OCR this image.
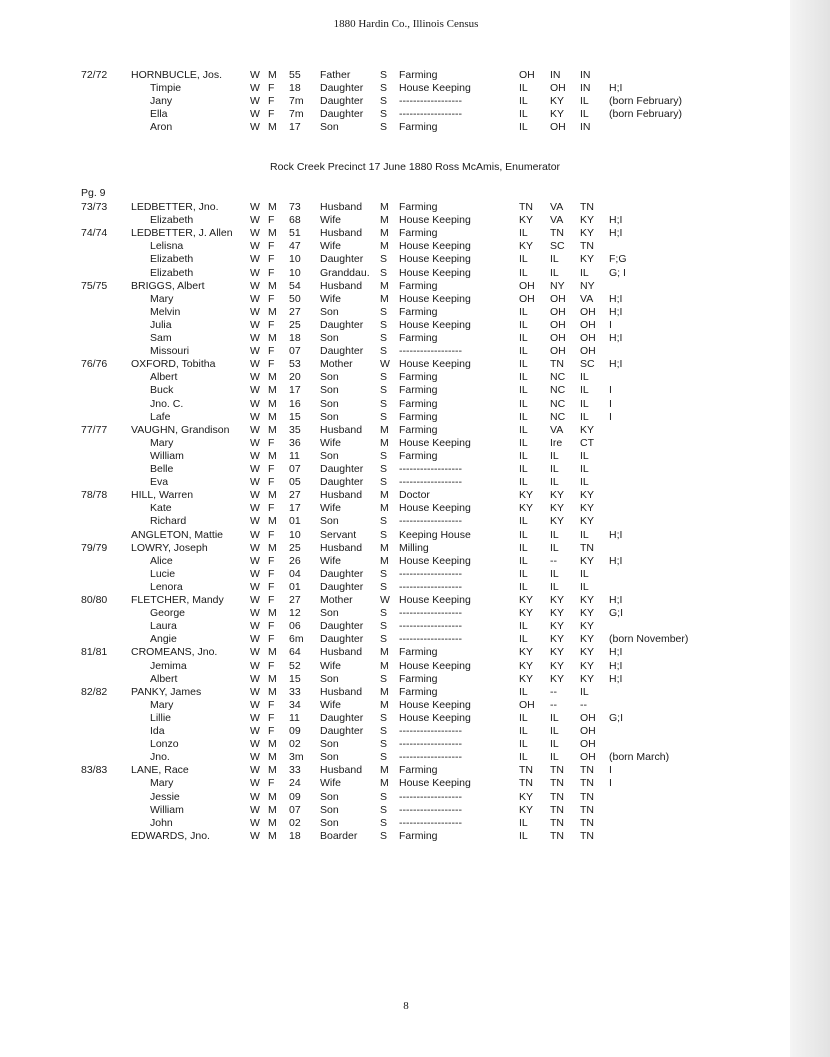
1880 Hardin Co., Illinois Census
Rock Creek Precinct 17 June 1880 Ross McAmis, Enumerator
Pg. 9
72/72 HORNBUCLE, Jos.	W M 55 Father	S Farming	OH IN IN
Timpie	W F 18 Daughter S House Keeping	IL OH IN H;I
Jany	W F 7m Daughter S ------------------	IL KY IL (born February)
Ella	W F 7m Daughter S ------------------	IL KY IL (born February)
Aron	W M 17 Son	S Farming	IL OH IN
73/73 LEDBETTER, Jno.	W M 73 Husband M Farming	TN VA TN
Elizabeth	W F 68 Wife	M House Keeping	KY VA KY H;I
74/74 LEDBETTER, J. Allen W M 51 Husband M Farming	IL TN KY H;I
Lelisna	W F 47 Wife	M House Keeping	KY SC TN
Elizabeth	W F 10 Daughter S House Keeping	IL IL KY F;G
Elizabeth	W F 10 Granddau. S House Keeping	IL IL IL G; I
75/75 BRIGGS, Albert	W M 54 Husband M Farming	OH NY NY
Mary	W F 50 Wife	M House Keeping	OH OH VA H;I
Melvin	W M 27 Son	S Farming	IL OH OH H;I
Julia	W F 25 Daughter S House Keeping	IL OH OH I
Sam	W M 18 Son	S Farming	IL OH OH H;I
Missouri	W F 07 Daughter S ------------------	IL OH OH
76/76 OXFORD, Tobitha	W F 53 Mother	W House Keeping	IL TN SC H;I
Albert	W M 20 Son	S Farming	IL NC IL
Buck	W M 17 Son	S Farming	IL NC IL I
Jno. C.	W M 16 Son	S Farming	IL NC IL I
Lafe	W M 15 Son	S Farming	IL NC IL I
77/77 VAUGHN, Grandison W M 35 Husband M Farming	IL VA KY
Mary	W F 36 Wife	M House Keeping	IL Ire CT
William	W M 11 Son	S Farming	IL IL IL
Belle	W F 07 Daughter S ------------------	IL IL IL
Eva	W F 05 Daughter S ------------------	IL IL IL
78/78 HILL, Warren	W M 27 Husband M Doctor	KY KY KY
Kate	W F 17 Wife	M House Keeping	KY KY KY
Richard	W M 01 Son	S ------------------	IL KY KY
ANGLETON, Mattie	W F 10 Servant S Keeping House	IL IL IL H;I
79/79 LOWRY, Joseph	W M 25 Husband M Milling	IL IL TN
Alice	W F 26 Wife	M House Keeping	IL -- KY H;I
Lucie	W F 04 Daughter S ------------------	IL IL IL
Lenora	W F 01 Daughter S ------------------	IL IL IL
80/80 FLETCHER, Mandy W F 27 Mother	W House Keeping	KY KY KY H;I
George	W M 12 Son	S ------------------	KY KY KY G;I
Laura	W F 06 Daughter S ------------------	IL KY KY
Angie	W F 6m Daughter S ------------------	IL KY KY (born November)
81/81 CROMEANS, Jno.	W M 64 Husband M Farming	KY KY KY H;I
Jemima	W F 52 Wife	M House Keeping	KY KY KY H;I
Albert	W M 15 Son	S Farming	KY KY KY H;I
82/82 PANKY, James	W M 33 Husband M Farming	IL -- IL
Mary	W F 34 Wife	M House Keeping	OH -- --
Lillie	W F 11 Daughter S House Keeping	IL IL OH G;I
Ida	W F 09 Daughter S ------------------	IL IL OH
Lonzo	W M 02 Son	S ------------------	IL IL OH
Jno.	W M 3m Son	S ------------------	IL IL OH (born March)
83/83 LANE, Race	W M 33 Husband M Farming	TN TN TN I
Mary	W F 24 Wife	M House Keeping	TN TN TN I
Jessie	W M 09 Son	S ------------------	KY TN TN
William	W M 07 Son	S ------------------	KY TN TN
John	W M 02 Son	S ------------------	IL TN TN
EDWARDS, Jno.	W M 18 Boarder S Farming	IL TN TN
8
